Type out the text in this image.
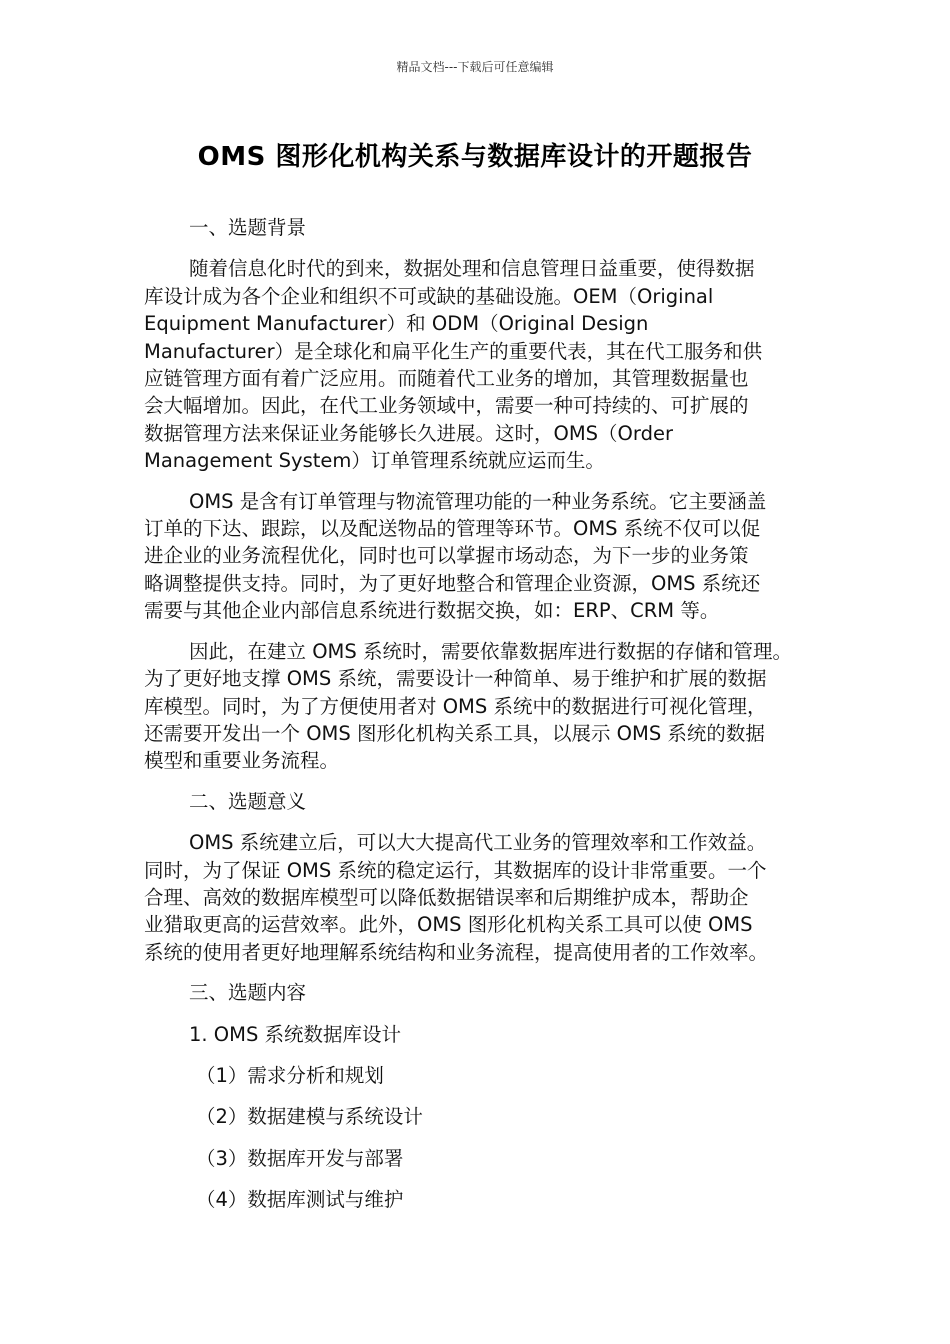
精品文档---下载后可任意编辑
OMS 图形化机构关系与数据库设计的开题报告
一、选题背景
随着信息化时代的到来，数据处理和信息管理日益重要，使得数据
库设计成为各个企业和组织不可或缺的基础设施。OEM（Original
Equipment Manufacturer）和 ODM（Original Design
Manufacturer）是全球化和扁平化生产的重要代表，其在代工服务和供
应链管理方面有着广泛应用。而随着代工业务的增加，其管理数据量也
会大幅增加。因此，在代工业务领域中，需要一种可持续的、可扩展的
数据管理方法来保证业务能够长久进展。这时，OMS（Order
Management System）订单管理系统就应运而生。
OMS 是含有订单管理与物流管理功能的一种业务系统。它主要涵盖
订单的下达、跟踪，以及配送物品的管理等环节。OMS 系统不仅可以促
进企业的业务流程优化，同时也可以掌握市场动态，为下一步的业务策
略调整提供支持。同时，为了更好地整合和管理企业资源，OMS 系统还
需要与其他企业内部信息系统进行数据交换，如：ERP、CRM 等。
因此，在建立 OMS 系统时，需要依靠数据库进行数据的存储和管理。
为了更好地支撑 OMS 系统，需要设计一种简单、易于维护和扩展的数据
库模型。同时，为了方便使用者对 OMS 系统中的数据进行可视化管理，
还需要开发出一个 OMS 图形化机构关系工具，以展示 OMS 系统的数据
模型和重要业务流程。
二、选题意义
OMS 系统建立后，可以大大提高代工业务的管理效率和工作效益。
同时，为了保证 OMS 系统的稳定运行，其数据库的设计非常重要。一个
合理、高效的数据库模型可以降低数据错误率和后期维护成本，帮助企
业猎取更高的运营效率。此外，OMS 图形化机构关系工具可以使 OMS
系统的使用者更好地理解系统结构和业务流程，提高使用者的工作效率。
三、选题内容
1. OMS 系统数据库设计
（1）需求分析和规划
（2）数据建模与系统设计
（3）数据库开发与部署
（4）数据库测试与维护
